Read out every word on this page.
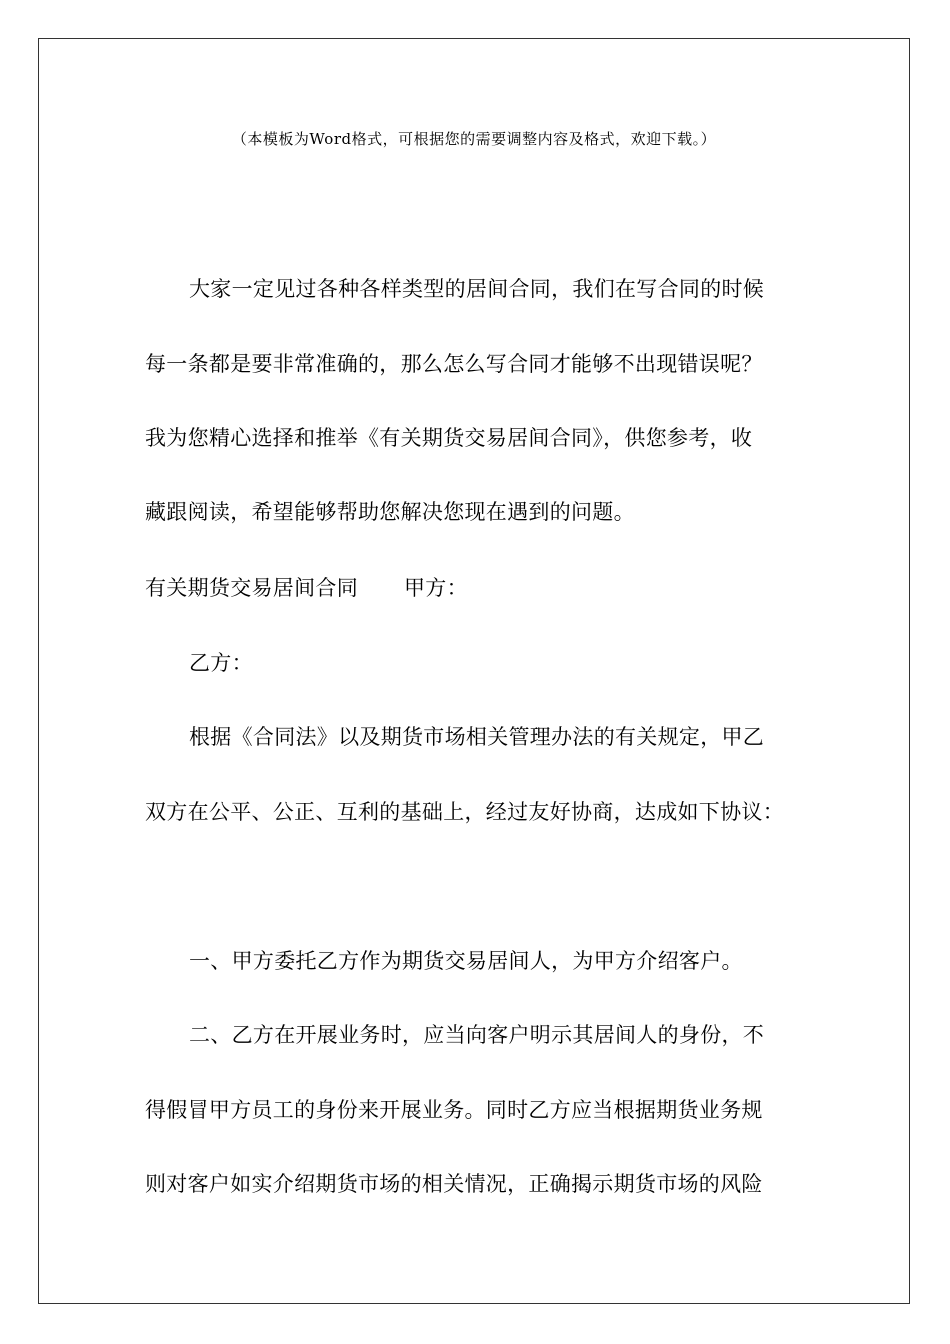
（本模板为Word格式，可根据您的需要调整内容及格式，欢迎下载。）
大家一定见过各种各样类型的居间合同，我们在写合同的时候
每一条都是要非常准确的，那么怎么写合同才能够不出现错误呢？
我为您精心选择和推举《有关期货交易居间合同》，供您参考，收
藏跟阅读，希望能够帮助您解决您现在遇到的问题。
有关期货交易居间合同 甲方：
乙方：
根据《合同法》以及期货市场相关管理办法的有关规定，甲乙
双方在公平、公正、互利的基础上，经过友好协商，达成如下协议：
一、甲方委托乙方作为期货交易居间人，为甲方介绍客户。
二、乙方在开展业务时，应当向客户明示其居间人的身份，不
得假冒甲方员工的身份来开展业务。同时乙方应当根据期货业务规
则对客户如实介绍期货市场的相关情况，正确揭示期货市场的风险
